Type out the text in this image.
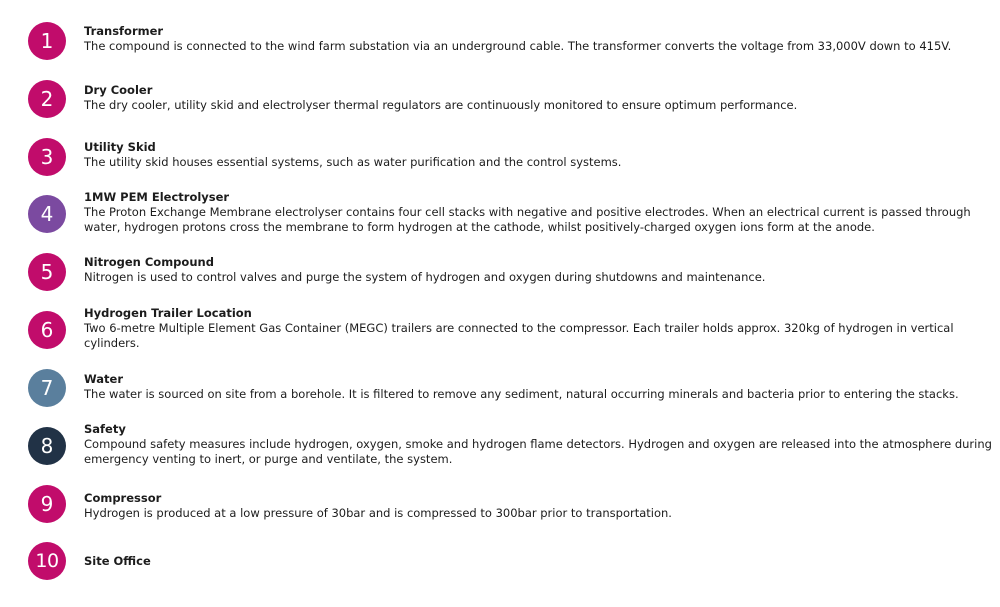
1	Transformer
The compound is connected to the wind farm substation via an underground cable. The transformer converts the voltage from 33,000V down to 415V.
2	Dry Cooler
The dry cooler, utility skid and electrolyser thermal regulators are continuously monitored to ensure optimum performance.
3	Utility Skid
The utility skid houses essential systems, such as water purification and the control systems.
4
1MW PEM Electrolyser
The Proton Exchange Membrane electrolyser contains four cell stacks with negative and positive electrodes. When an electrical current is passed through water, hydrogen protons cross the membrane to form hydrogen at the cathode, whilst positively-charged oxygen ions form at the anode.
5	Nitrogen Compound
Nitrogen is used to control valves and purge the system of hydrogen and oxygen during shutdowns and maintenance.
6
Hydrogen Trailer Location
Two 6-metre Multiple Element Gas Container (MEGC) trailers are connected to the compressor. Each trailer holds approx. 320kg of hydrogen in vertical cylinders.
7	Water
The water is sourced on site from a borehole. It is filtered to remove any sediment, natural occurring minerals and bacteria prior to entering the stacks.
8
Safety
Compound safety measures include hydrogen, oxygen, smoke and hydrogen flame detectors. Hydrogen and oxygen are released into the atmosphere during emergency venting to inert, or purge and ventilate, the system.
9	Compressor
Hydrogen is produced at a low pressure of 30bar and is compressed to 300bar prior to transportation.
10	Site Office
